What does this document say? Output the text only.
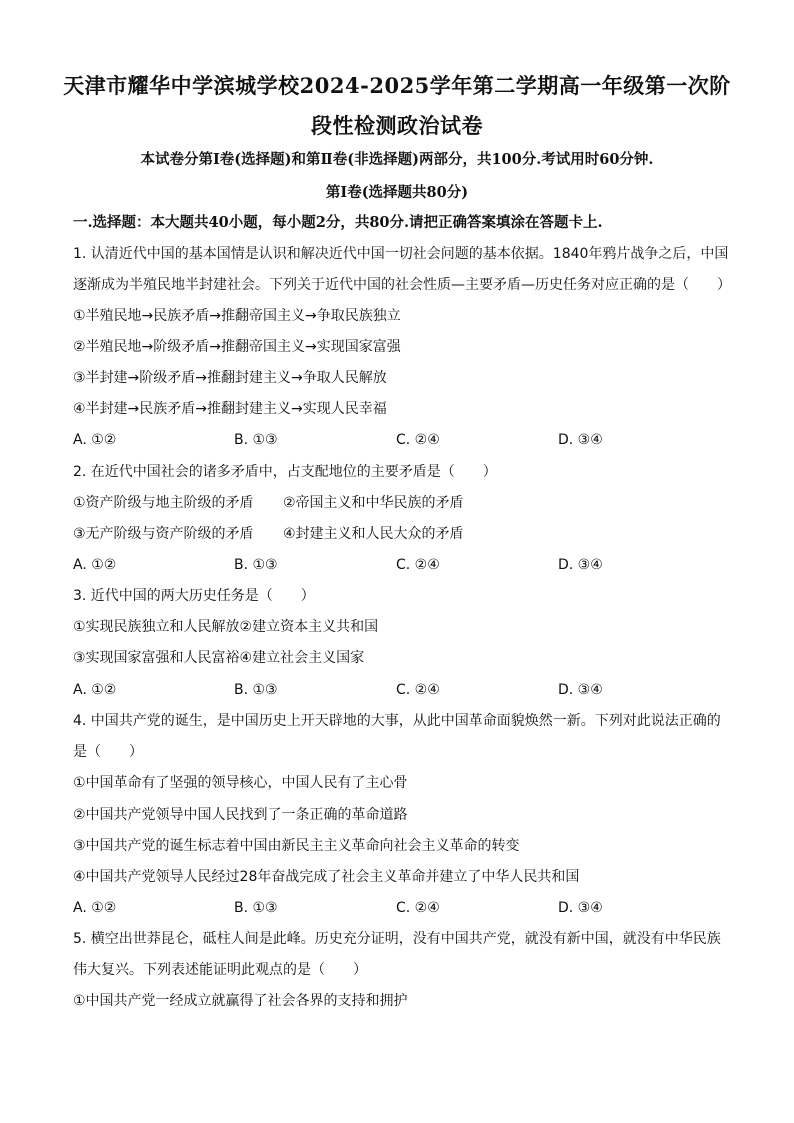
天津市耀华中学滨城学校2024-2025学年第二学期高一年级第一次阶
段性检测政治试卷
本试卷分第Ⅰ卷(选择题)和第Ⅱ卷(非选择题)两部分，共100分.考试用时60分钟.
第Ⅰ卷(选择题共80分)
一.选择题：本大题共40小题，每小题2分，共80分.请把正确答案填涂在答题卡上.
1. 认清近代中国的基本国情是认识和解决近代中国一切社会问题的基本依据。1840年鸦片战争之后，中国
逐渐成为半殖民地半封建社会。下列关于近代中国的社会性质—主要矛盾—历史任务对应正确的是（　　）
①半殖民地→民族矛盾→推翻帝国主义→争取民族独立
②半殖民地→阶级矛盾→推翻帝国主义→实现国家富强
③半封建→阶级矛盾→推翻封建主义→争取人民解放
④半封建→民族矛盾→推翻封建主义→实现人民幸福
A. ①②	B. ①③	C. ②④	D. ③④
2. 在近代中国社会的诸多矛盾中，占支配地位的主要矛盾是（　　）
①资产阶级与地主阶级的矛盾 ②帝国主义和中华民族的矛盾
③无产阶级与资产阶级的矛盾 ④封建主义和人民大众的矛盾
A. ①②	B. ①③	C. ②④	D. ③④
3. 近代中国的两大历史任务是（　　）
①实现民族独立和人民解放②建立资本主义共和国
③实现国家富强和人民富裕④建立社会主义国家
A. ①②	B. ①③	C. ②④	D. ③④
4. 中国共产党的诞生，是中国历史上开天辟地的大事，从此中国革命面貌焕然一新。下列对此说法正确的
是（　　）
①中国革命有了坚强的领导核心，中国人民有了主心骨
②中国共产党领导中国人民找到了一条正确的革命道路
③中国共产党的诞生标志着中国由新民主主义革命向社会主义革命的转变
④中国共产党领导人民经过28年奋战完成了社会主义革命并建立了中华人民共和国
A. ①②	B. ①③	C. ②④	D. ③④
5. 横空出世莽昆仑，砥柱人间是此峰。历史充分证明，没有中国共产党，就没有新中国，就没有中华民族
伟大复兴。下列表述能证明此观点的是（　　）
①中国共产党一经成立就赢得了社会各界的支持和拥护
